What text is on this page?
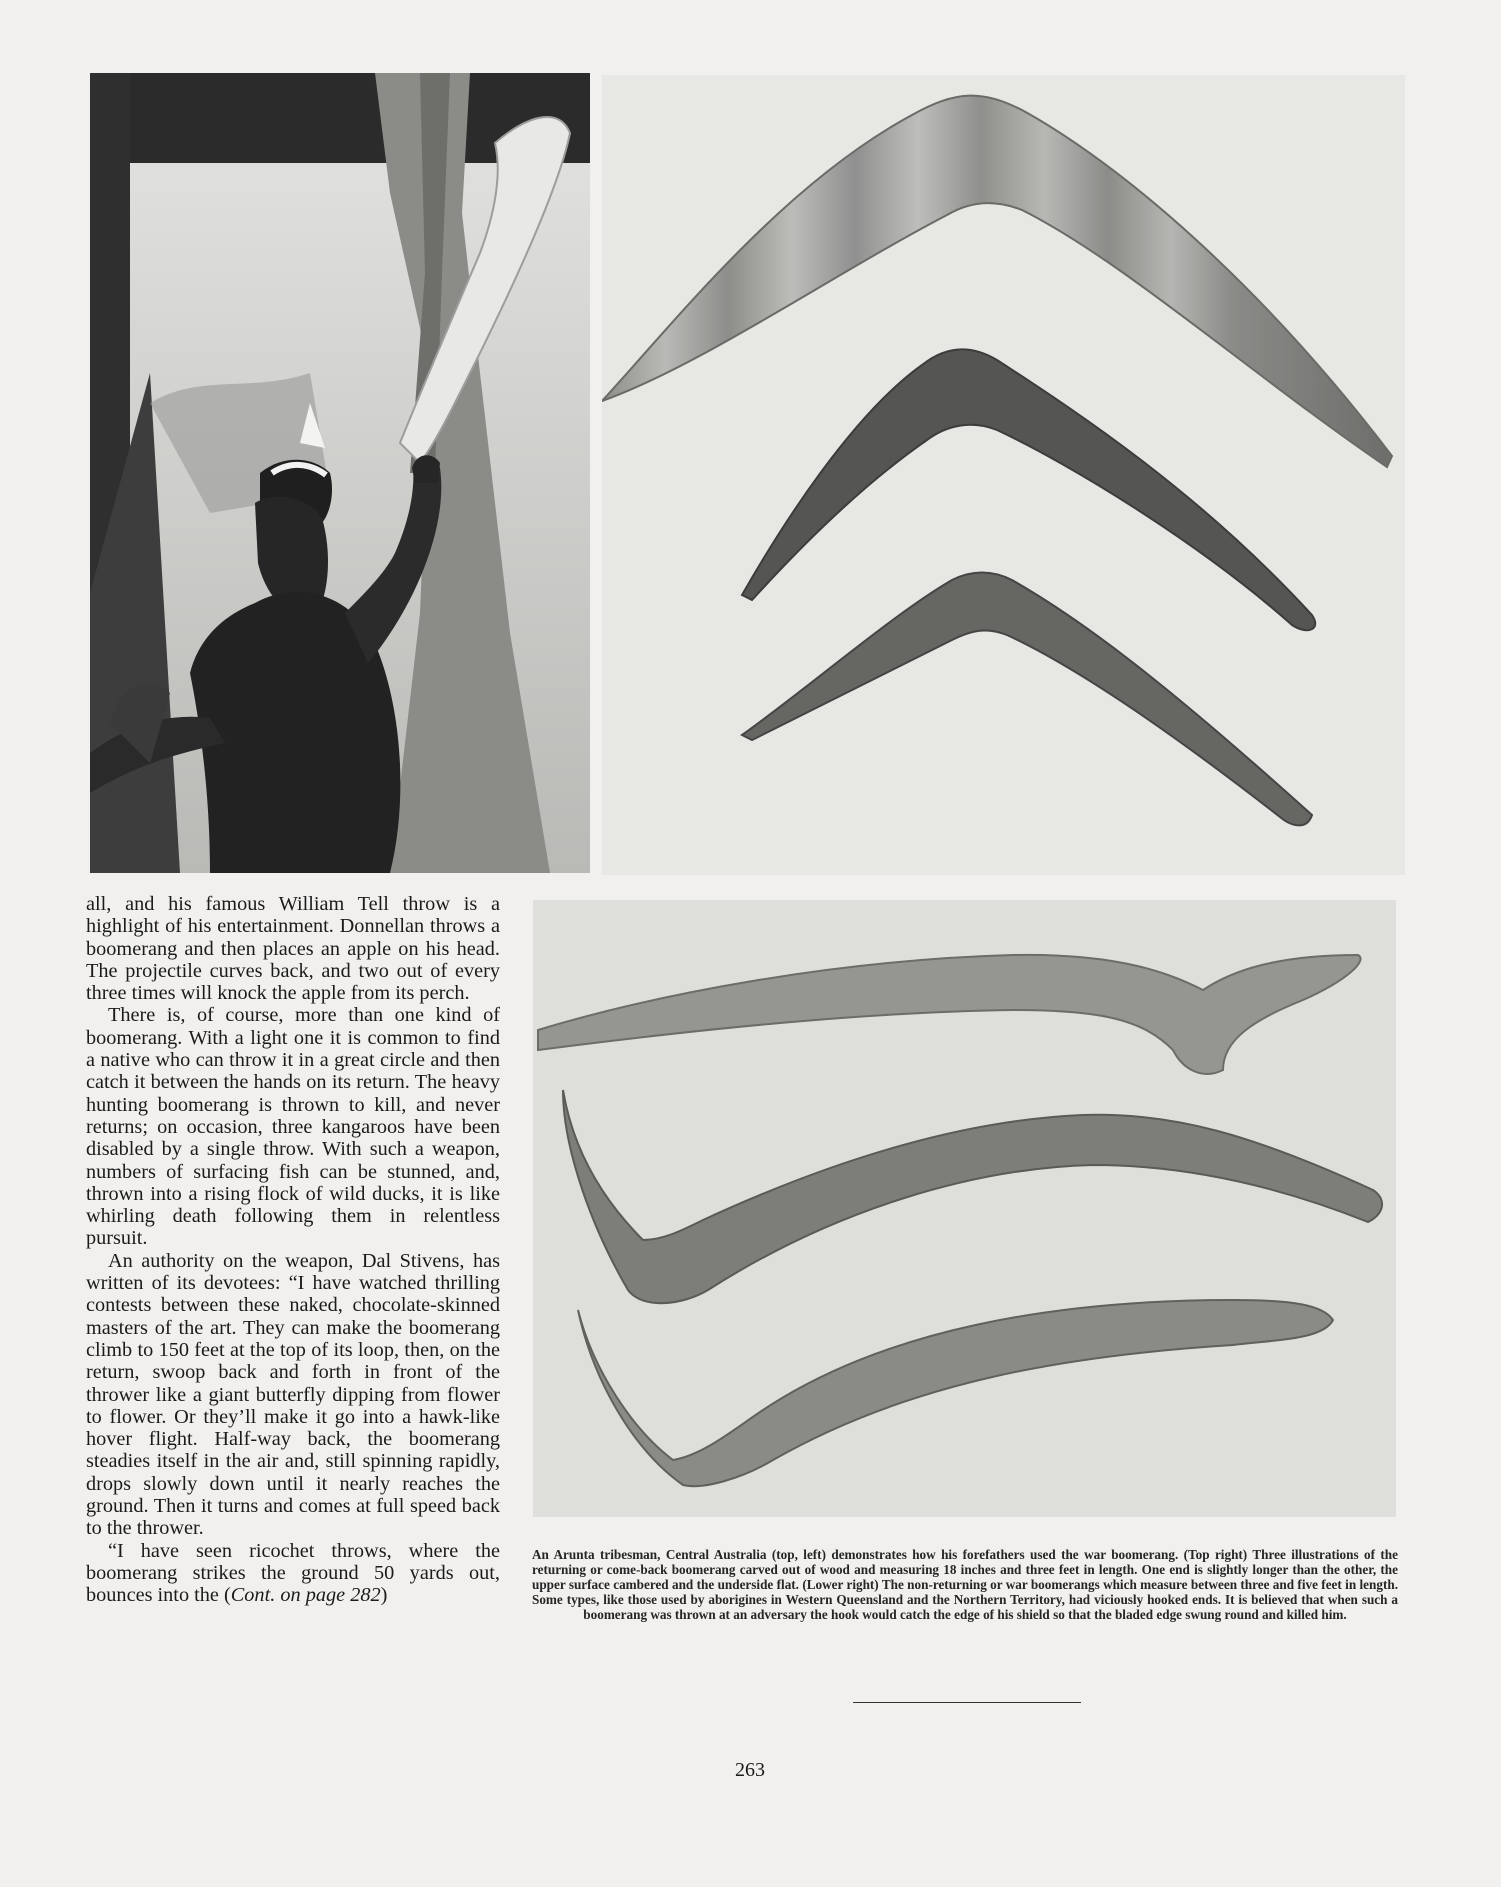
all, and his famous William Tell throw is a highlight of his entertainment. Donnellan throws a boomerang and then places an apple on his head. The projectile curves back, and two out of every three times will knock the apple from its perch.

There is, of course, more than one kind of boomerang. With a light one it is common to find a native who can throw it in a great circle and then catch it between the hands on its return. The heavy hunting boomerang is thrown to kill, and never returns; on occasion, three kangaroos have been disabled by a single throw. With such a weapon, numbers of surfacing fish can be stunned, and, thrown into a rising flock of wild ducks, it is like whirling death following them in relentless pursuit.

An authority on the weapon, Dal Stivens, has written of its devotees: “I have watched thrilling contests between these naked, chocolate-skinned masters of the art. They can make the boomerang climb to 150 feet at the top of its loop, then, on the return, swoop back and forth in front of the thrower like a giant butterfly dipping from flower to flower. Or they’ll make it go into a hawk-like hover flight. Half-way back, the boomerang steadies itself in the air and, still spinning rapidly, drops slowly down until it nearly reaches the ground. Then it turns and comes at full speed back to the thrower.

“I have seen ricochet throws, where the boomerang strikes the ground 50 yards out, bounces into the (Cont. on page 282)

An Arunta tribesman, Central Australia (top, left) demonstrates how his forefathers used the war boomerang. (Top right) Three illustrations of the returning or come-back boomerang carved out of wood and measuring 18 inches and three feet in length. One end is slightly longer than the other, the upper surface cambered and the underside flat. (Lower right) The non-returning or war boomerangs which measure between three and five feet in length. Some types, like those used by aborigines in Western Queensland and the Northern Territory, had viciously hooked ends. It is believed that when such a boomerang was thrown at an adversary the hook would catch the edge of his shield so that the bladed edge swung round and killed him.
263
